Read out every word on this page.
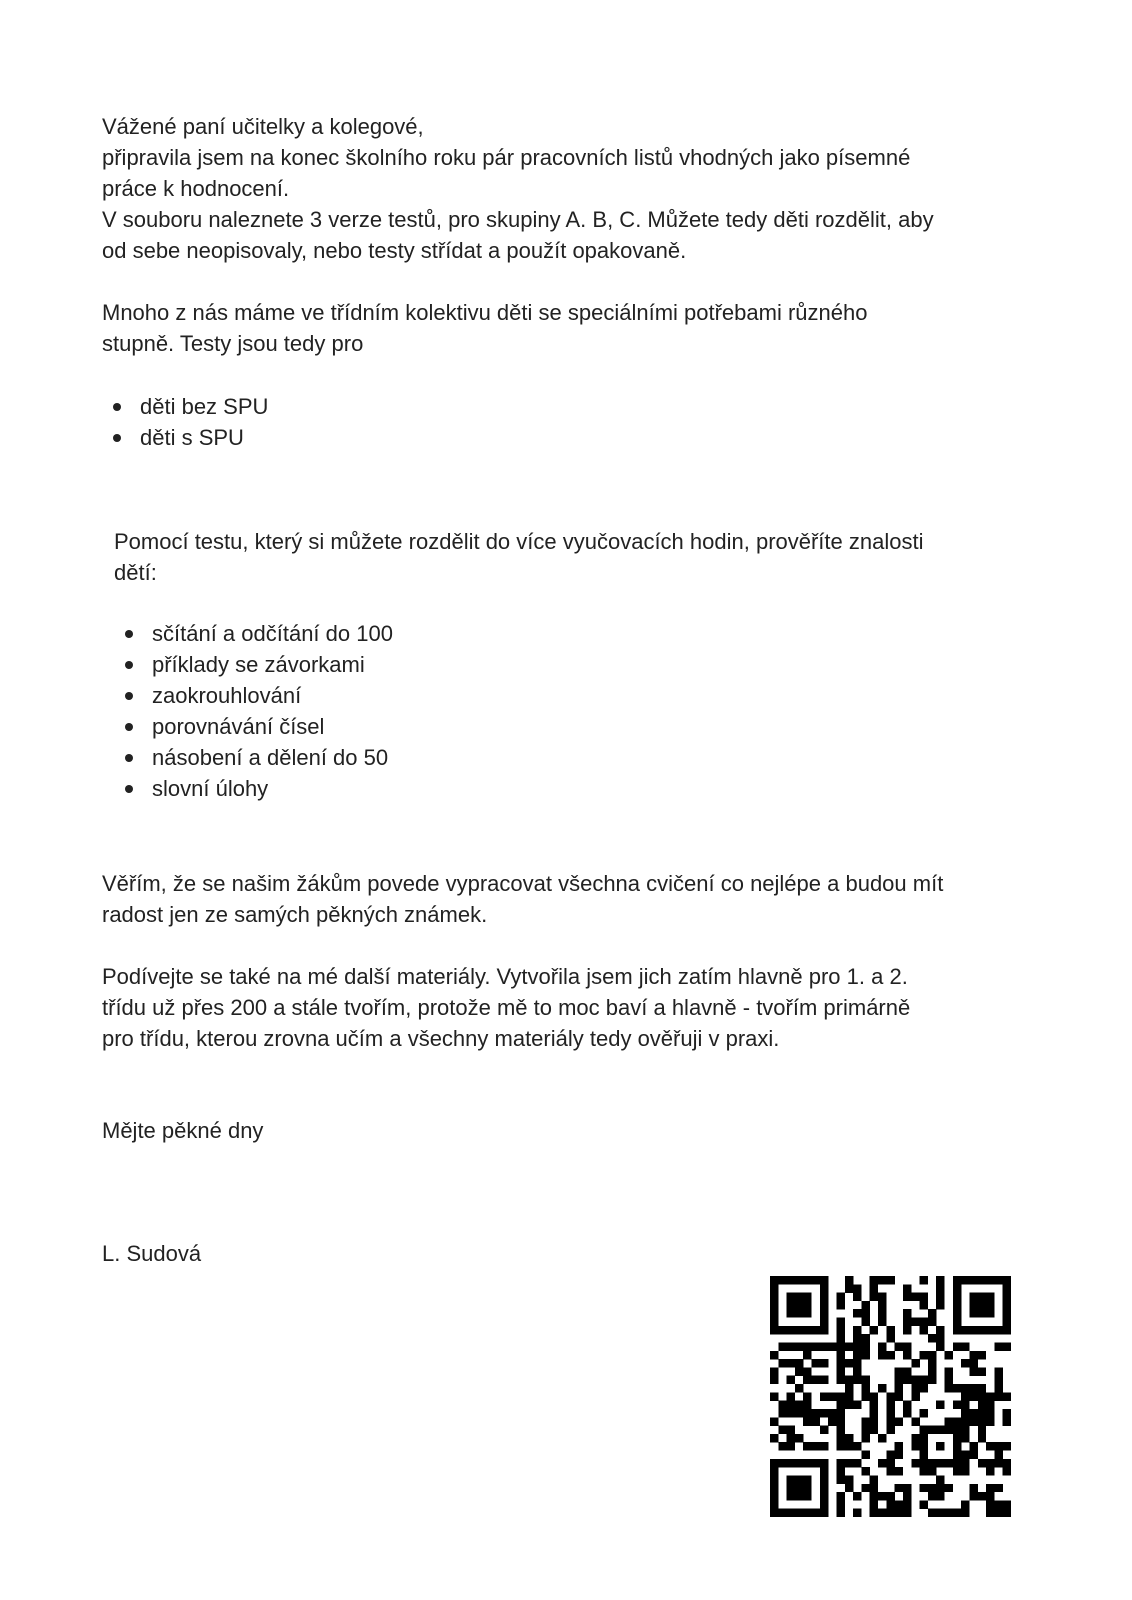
Vážené paní učitelky a kolegové,
připravila jsem na konec školního roku pár pracovních listů vhodných jako písemné
práce k hodnocení.
V souboru naleznete 3 verze testů, pro skupiny A. B, C. Můžete tedy děti rozdělit, aby
od sebe neopisovaly, nebo testy střídat a použít opakovaně.

Mnoho z nás máme ve třídním kolektivu děti se speciálními potřebami různého
stupně. Testy jsou tedy pro

děti bez SPU
děti s SPU

Pomocí testu, který si můžete rozdělit do více vyučovacích hodin, prověříte znalosti
dětí:

sčítání a odčítání do 100
příklady se závorkami
zaokrouhlování
porovnávání čísel
násobení a dělení do 50
slovní úlohy

Věřím, že se našim žákům povede vypracovat všechna cvičení co nejlépe a budou mít
radost jen ze samých pěkných známek.

Podívejte se také na mé další materiály. Vytvořila jsem jich zatím hlavně pro 1. a 2.
třídu už přes 200 a stále tvořím, protože mě to moc baví a hlavně - tvořím primárně
pro třídu, kterou zrovna učím a všechny materiály tedy ověřuji v praxi.

Mějte pěkné dny

L. Sudová
